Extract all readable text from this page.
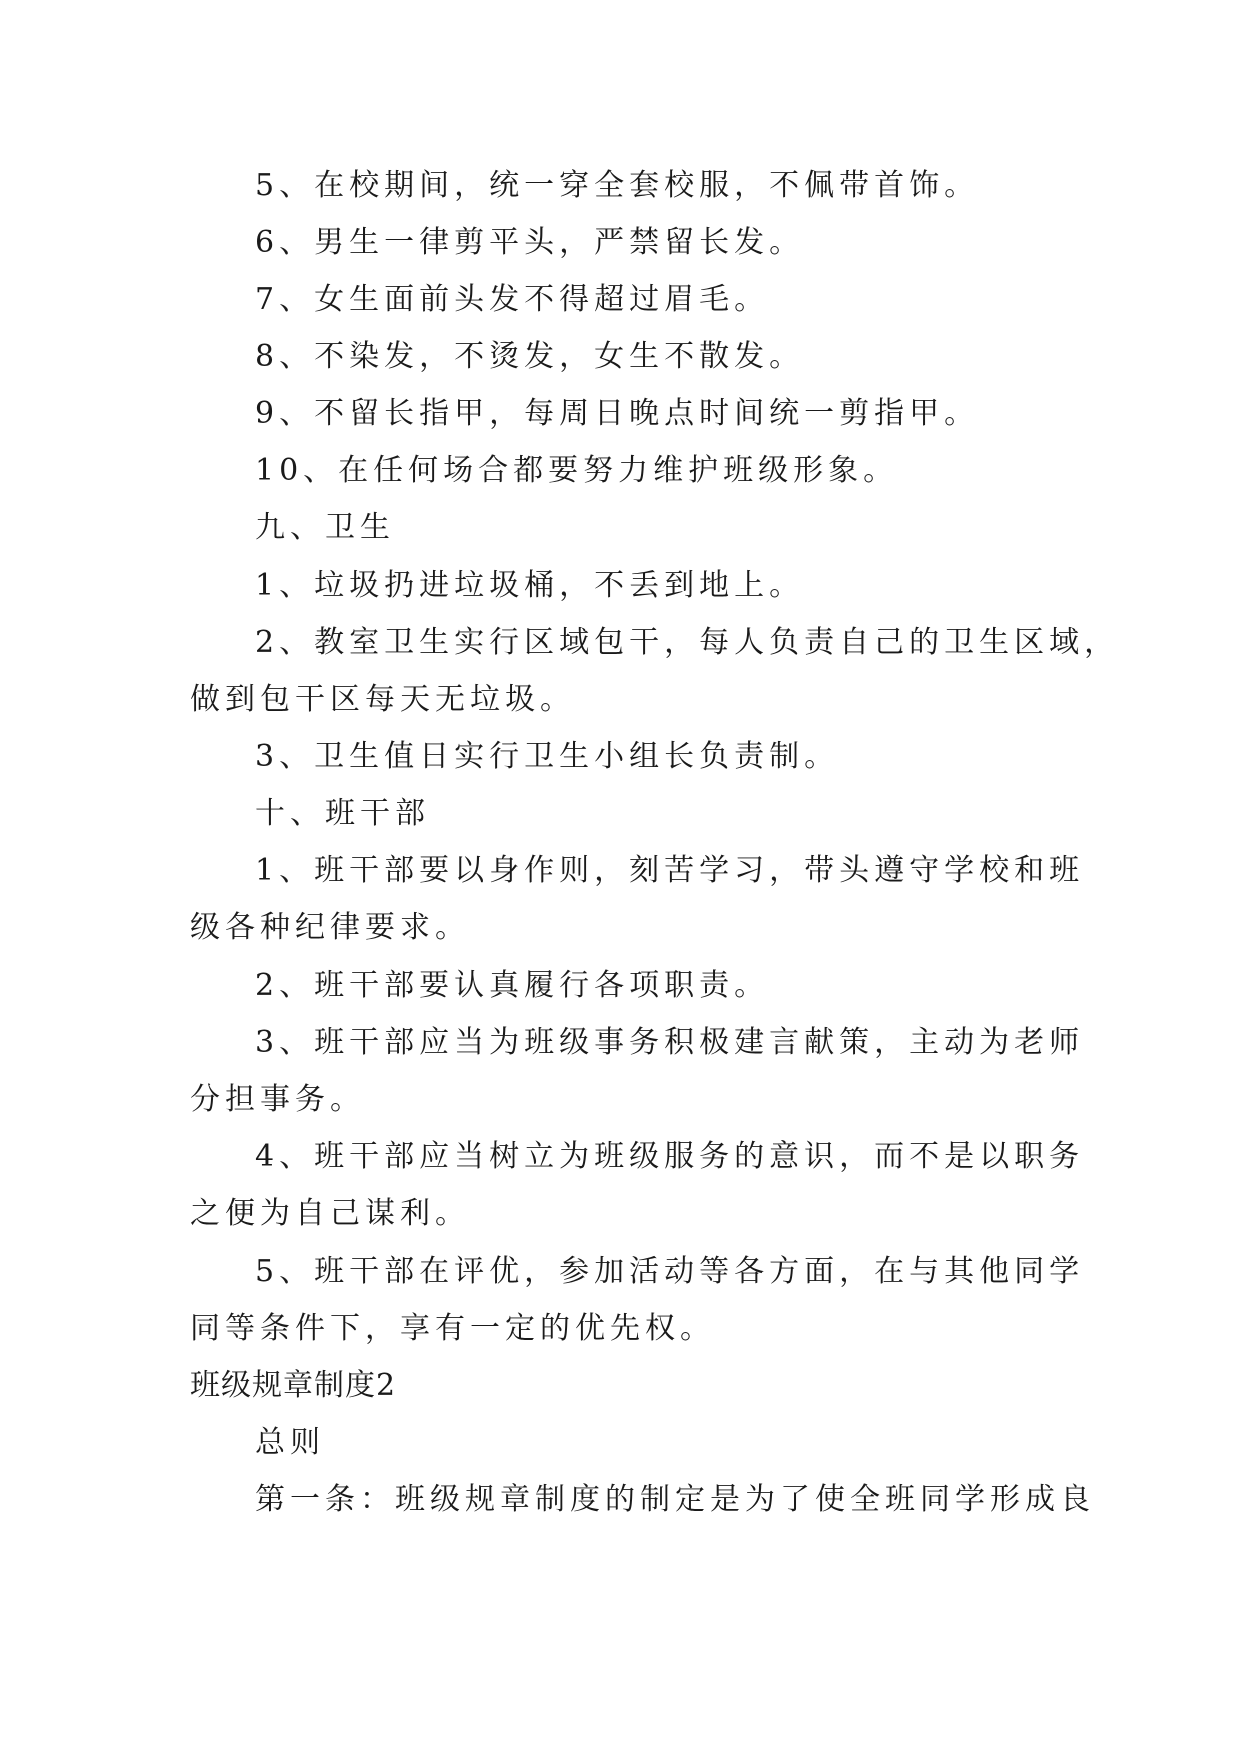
5、在校期间，统一穿全套校服，不佩带首饰。
6、男生一律剪平头，严禁留长发。
7、女生面前头发不得超过眉毛。
8、不染发，不烫发，女生不散发。
9、不留长指甲，每周日晚点时间统一剪指甲。
10、在任何场合都要努力维护班级形象。
九、卫生
1、垃圾扔进垃圾桶，不丢到地上。
2、教室卫生实行区域包干，每人负责自己的卫生区域，
做到包干区每天无垃圾。
3、卫生值日实行卫生小组长负责制。
十、班干部
1、班干部要以身作则，刻苦学习，带头遵守学校和班
级各种纪律要求。
2、班干部要认真履行各项职责。
3、班干部应当为班级事务积极建言献策，主动为老师
分担事务。
4、班干部应当树立为班级服务的意识，而不是以职务
之便为自己谋利。
5、班干部在评优，参加活动等各方面，在与其他同学
同等条件下，享有一定的优先权。
班级规章制度2
总则
第一条：班级规章制度的制定是为了使全班同学形成良
